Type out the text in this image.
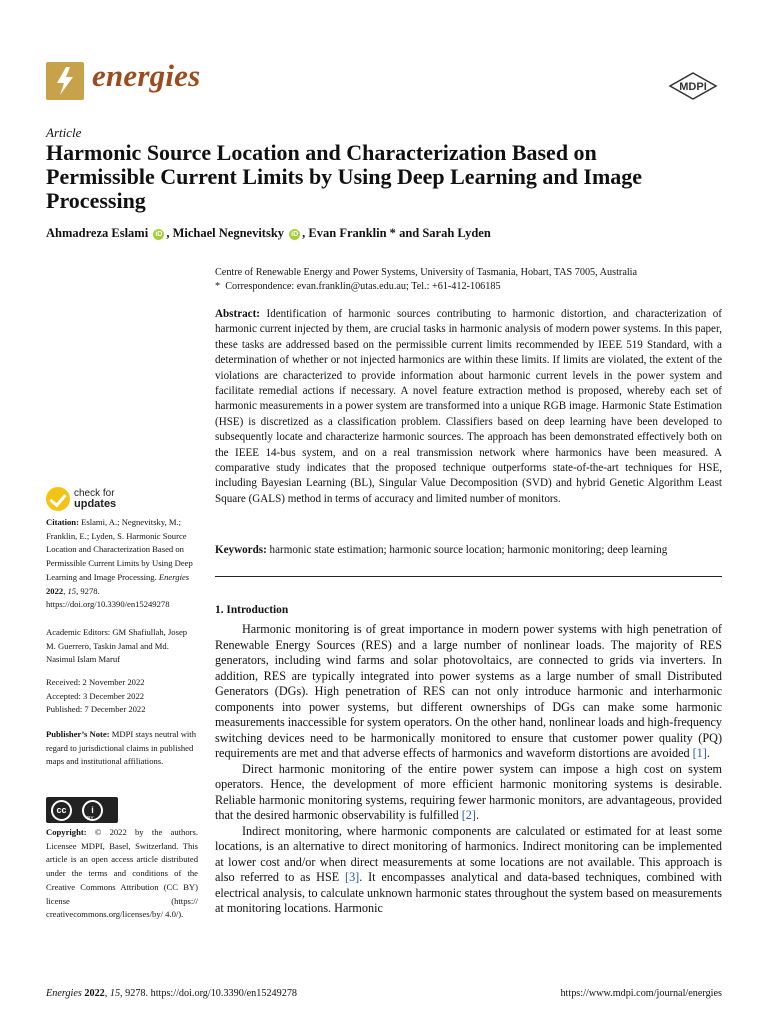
energies	MDPI
Article
Harmonic Source Location and Characterization Based on Permissible Current Limits by Using Deep Learning and Image Processing
Ahmadreza Eslami iD , Michael Negnevitsky iD , Evan Franklin * and Sarah Lyden
Centre of Renewable Energy and Power Systems, University of Tasmania, Hobart, TAS 7005, Australia
*  Correspondence: evan.franklin@utas.edu.au; Tel.: +61-412-106185
Abstract: Identification of harmonic sources contributing to harmonic distortion, and characterization of harmonic current injected by them, are crucial tasks in harmonic analysis of modern power systems. In this paper, these tasks are addressed based on the permissible current limits recommended by IEEE 519 Standard, with a determination of whether or not injected harmonics are within these limits. If limits are violated, the extent of the violations are characterized to provide information about harmonic current levels in the power system and facilitate remedial actions if necessary. A novel feature extraction method is proposed, whereby each set of harmonic measurements in a power system are transformed into a unique RGB image. Harmonic State Estimation (HSE) is discretized as a classification problem. Classifiers based on deep learning have been developed to subsequently locate and characterize harmonic sources. The approach has been demonstrated effectively both on the IEEE 14-bus system, and on a real transmission network where harmonics have been measured. A comparative study indicates that the proposed technique outperforms state-of-the-art techniques for HSE, including Bayesian Learning (BL), Singular Value Decomposition (SVD) and hybrid Genetic Algorithm Least Square (GALS) method in terms of accuracy and limited number of monitors.
Keywords: harmonic state estimation; harmonic source location; harmonic monitoring; deep learning
check for
updates
Citation: Eslami, A.; Negnevitsky, M.; Franklin, E.; Lyden, S. Harmonic Source Location and Characterization Based on Permissible Current Limits by Using Deep Learning and Image Processing. Energies 2022, 15, 9278. https://doi.org/10.3390/en15249278
Academic Editors: GM Shafiullah, Josep M. Guerrero, Taskin Jamal and Md. Nasimul Islam Maruf
Received: 2 November 2022
Accepted: 3 December 2022
Published: 7 December 2022
Publisher’s Note: MDPI stays neutral with regard to jurisdictional claims in published maps and institutional affiliations.
cc	i
BY
Copyright: © 2022 by the authors. Licensee MDPI, Basel, Switzerland. This article is an open access article distributed under the terms and conditions of the Creative Commons Attribution (CC BY) license (https:// creativecommons.org/licenses/by/ 4.0/).
1. Introduction

Harmonic monitoring is of great importance in modern power systems with high penetration of Renewable Energy Sources (RES) and a large number of nonlinear loads. The majority of RES generators, including wind farms and solar photovoltaics, are connected to grids via inverters. In addition, RES are typically integrated into power systems as a large number of small Distributed Generators (DGs). High penetration of RES can not only introduce harmonic and interharmonic components into power systems, but different ownerships of DGs can make some harmonic measurements inaccessible for system operators. On the other hand, nonlinear loads and high-frequency switching devices need to be harmonically monitored to ensure that customer power quality (PQ) requirements are met and that adverse effects of harmonics and waveform distortions are avoided [1].

Direct harmonic monitoring of the entire power system can impose a high cost on system operators. Hence, the development of more efficient harmonic monitoring systems is desirable. Reliable harmonic monitoring systems, requiring fewer harmonic monitors, are advantageous, provided that the desired harmonic observability is fulfilled [2].

Indirect monitoring, where harmonic components are calculated or estimated for at least some locations, is an alternative to direct monitoring of harmonics. Indirect monitoring can be implemented at lower cost and/or when direct measurements at some locations are not available. This approach is also referred to as HSE [3]. It encompasses analytical and data-based techniques, combined with electrical analysis, to calculate unknown harmonic states throughout the system based on measurements at monitoring locations. Harmonic

Energies 2022, 15, 9278. https://doi.org/10.3390/en15249278	https://www.mdpi.com/journal/energies
